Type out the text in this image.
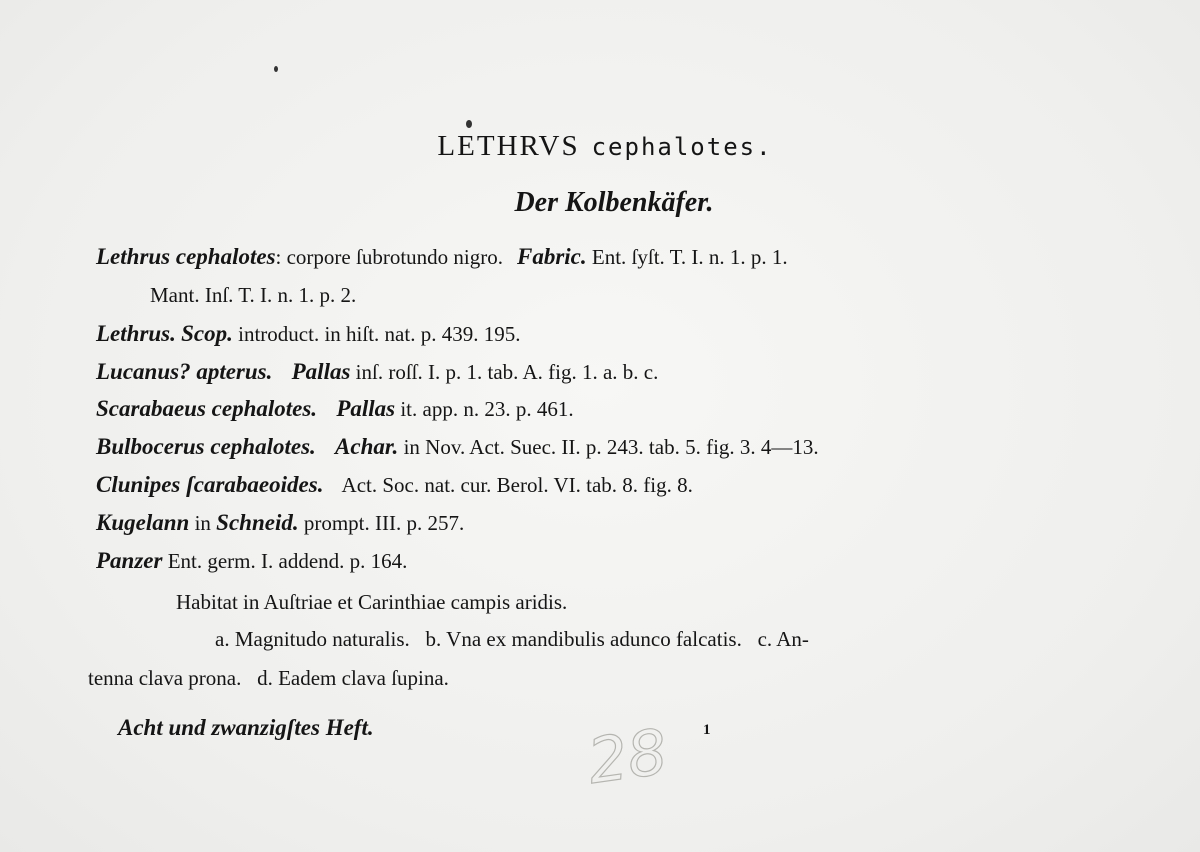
LETHRVS cephalotes.
Der Kolbenkäfer.
Lethrus cephalotes: corpore ſubrotundo nigro. Fabric. Ent. ſyſt. T. I. n. 1. p. 1.
Mant. Inſ. T. I. n. 1. p. 2.
Lethrus. Scop. introduct. in hiſt. nat. p. 439. 195.
Lucanus? apterus. Pallas inſ. roſſ. I. p. 1. tab. A. fig. 1. a. b. c.
Scarabaeus cephalotes. Pallas it. app. n. 23. p. 461.
Bulbocerus cephalotes. Achar. in Nov. Act. Suec. II. p. 243. tab. 5. fig. 3. 4—13.
Clunipes ſcarabaeoides. Act. Soc. nat. cur. Berol. VI. tab. 8. fig. 8.
Kugelann in Schneid. prompt. III. p. 257.
Panzer Ent. germ. I. addend. p. 164.
Habitat in Auſtriae et Carinthiae campis aridis.
a. Magnitudo naturalis.   b. Vna ex mandibulis adunco falcatis.   c. An-
tenna clava prona.   d. Eadem clava ſupina.
Acht und zwanzigſtes Heft.	28 1
